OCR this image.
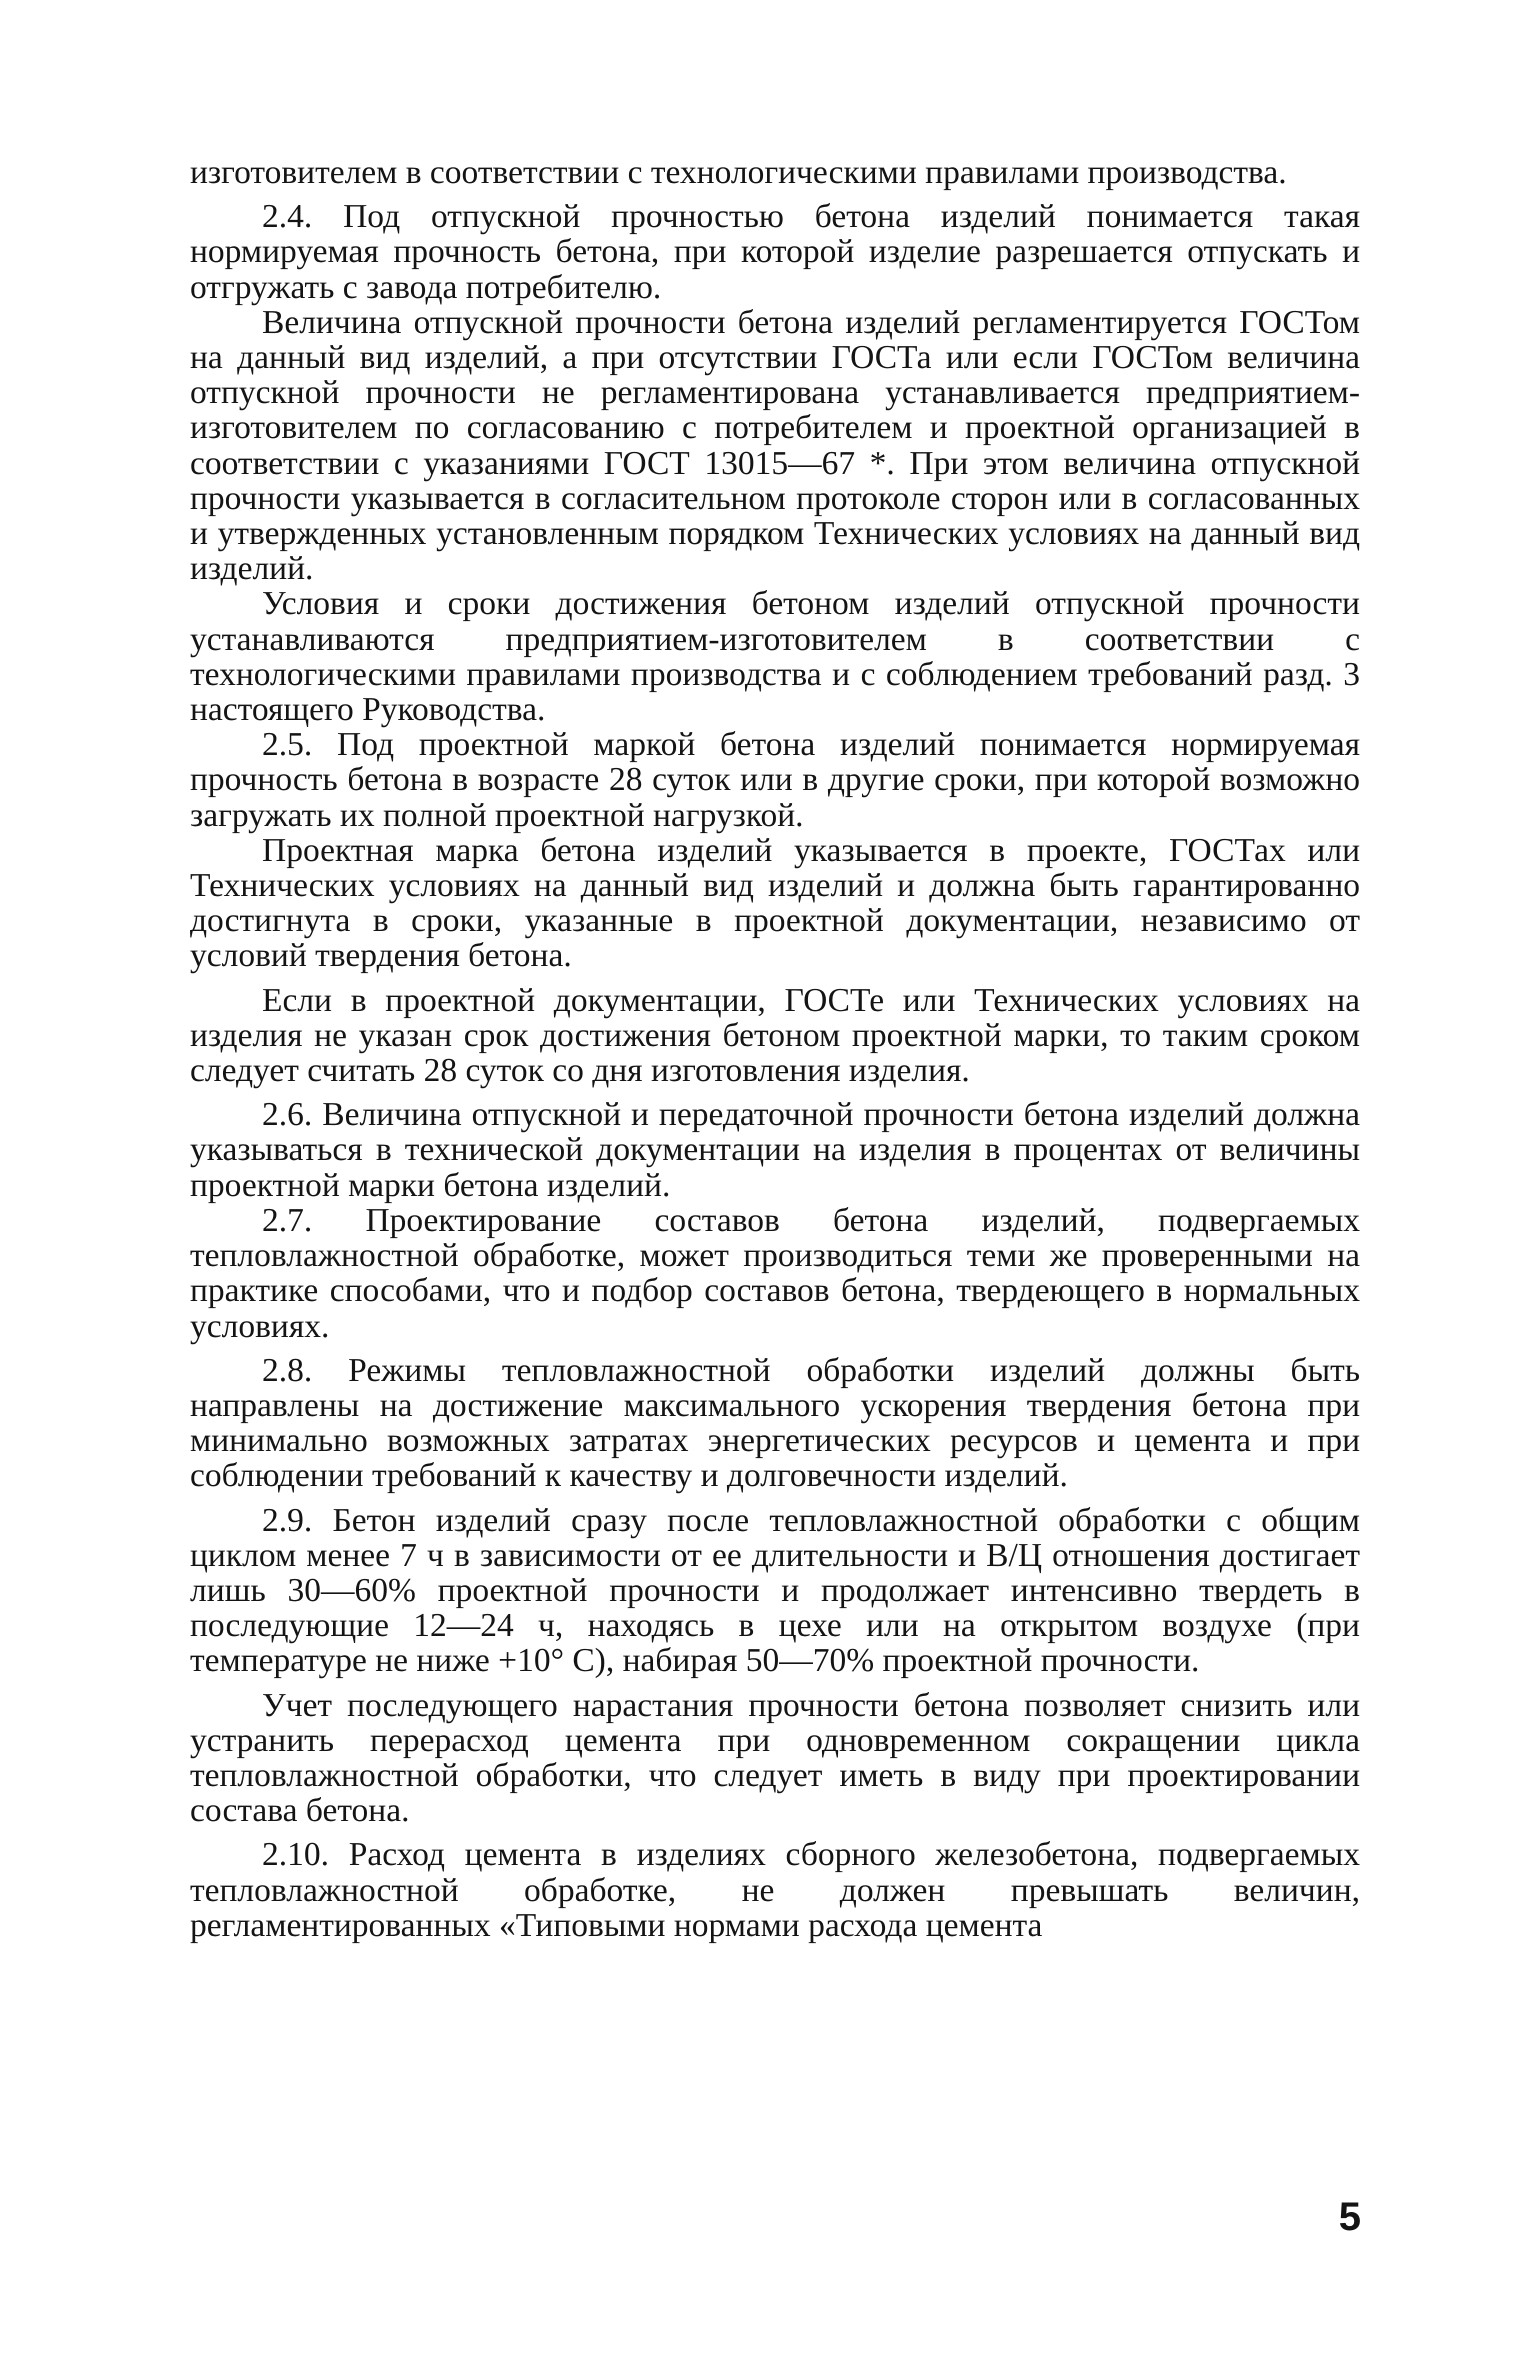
изготовителем в соответствии с технологическими правилами производства.

2.4. Под отпускной прочностью бетона изделий понимается такая нормируемая прочность бетона, при которой изделие разрешается отпускать и отгружать с завода потребителю.

Величина отпускной прочности бетона изделий регламентируется ГОСТом на данный вид изделий, а при отсутствии ГОСТа или если ГОСТом величина отпускной прочности не регламентирована устанавливается предприятием-изготовителем по согласованию с потребителем и проектной организацией в соответствии с указаниями ГОСТ 13015—67 *. При этом величина отпускной прочности указывается в согласительном протоколе сторон или в согласованных и утвержденных установленным порядком Технических условиях на данный вид изделий.

Условия и сроки достижения бетоном изделий отпускной прочности устанавливаются предприятием-изготовителем в соответствии с технологическими правилами производства и с соблюдением требований разд. 3 настоящего Руководства.

2.5. Под проектной маркой бетона изделий понимается нормируемая прочность бетона в возрасте 28 суток или в другие сроки, при которой возможно загружать их полной проектной нагрузкой.

Проектная марка бетона изделий указывается в проекте, ГОСТах или Технических условиях на данный вид изделий и должна быть гарантированно достигнута в сроки, указанные в проектной документации, независимо от условий твердения бетона.

Если в проектной документации, ГОСТе или Технических условиях на изделия не указан срок достижения бетоном проектной марки, то таким сроком следует считать 28 суток со дня изготовления изделия.

2.6. Величина отпускной и передаточной прочности бетона изделий должна указываться в технической документации на изделия в процентах от величины проектной марки бетона изделий.

2.7. Проектирование составов бетона изделий, подвергаемых тепловлажностной обработке, может производиться теми же проверенными на практике способами, что и подбор составов бетона, твердеющего в нормальных условиях.

2.8. Режимы тепловлажностной обработки изделий должны быть направлены на достижение максимального ускорения твердения бетона при минимально возможных затратах энергетических ресурсов и цемента и при соблюдении требований к качеству и долговечности изделий.

2.9. Бетон изделий сразу после тепловлажностной обработки с общим циклом менее 7 ч в зависимости от ее длительности и В/Ц отношения достигает лишь 30—60% проектной прочности и продолжает интенсивно твердеть в последующие 12—24 ч, находясь в цехе или на открытом воздухе (при температуре не ниже +10° С), набирая 50—70% проектной прочности.

Учет последующего нарастания прочности бетона позволяет снизить или устранить перерасход цемента при одновременном сокращении цикла тепловлажностной обработки, что следует иметь в виду при проектировании состава бетона.

2.10. Расход цемента в изделиях сборного железобетона, подвергаемых тепловлажностной обработке, не должен превышать величин, регламентированных «Типовыми нормами расхода цемента

5
